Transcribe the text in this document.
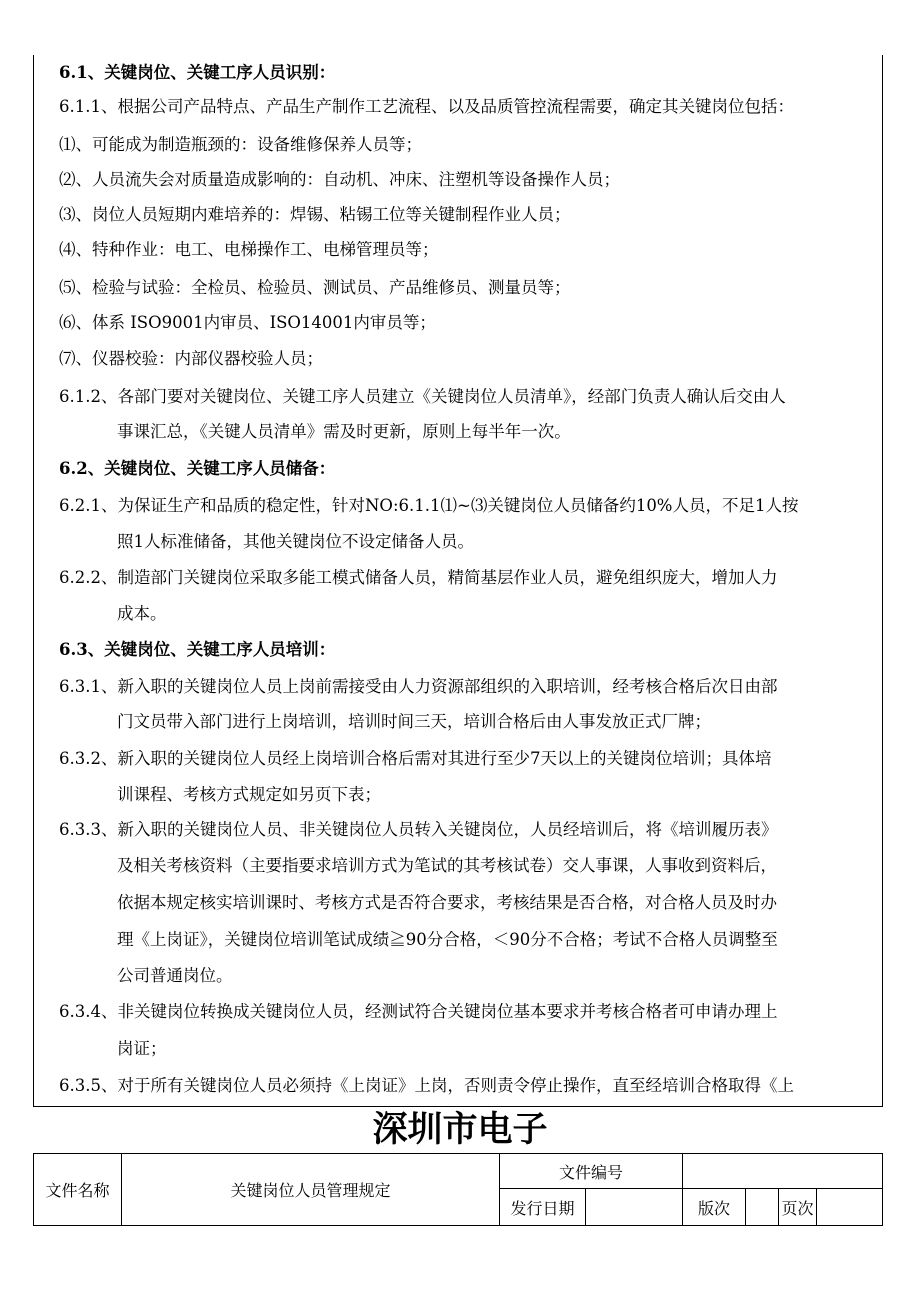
6.1、关键岗位、关键工序人员识别：
6.1.1、根据公司产品特点、产品生产制作工艺流程、以及品质管控流程需要，确定其关键岗位包括：
⑴、可能成为制造瓶颈的：设备维修保养人员等；
⑵、人员流失会对质量造成影响的：自动机、冲床、注塑机等设备操作人员；
⑶、岗位人员短期内难培养的：焊锡、粘锡工位等关键制程作业人员；
⑷、特种作业：电工、电梯操作工、电梯管理员等；
⑸、检验与试验：全检员、检验员、测试员、产品维修员、测量员等；
⑹、体系 ISO9001内审员、ISO14001内审员等；
⑺、仪器校验：内部仪器校验人员；
6.1.2、各部门要对关键岗位、关键工序人员建立《关键岗位人员清单》，经部门负责人确认后交由人
事课汇总，《关键人员清单》需及时更新，原则上每半年一次。
6.2、关键岗位、关键工序人员储备：
6.2.1、为保证生产和品质的稳定性，针对NO:6.1.1⑴~⑶关键岗位人员储备约10%人员，不足1人按
照1人标准储备，其他关键岗位不设定储备人员。
6.2.2、制造部门关键岗位采取多能工模式储备人员，精简基层作业人员，避免组织庞大，增加人力
成本。
6.3、关键岗位、关键工序人员培训：
6.3.1、新入职的关键岗位人员上岗前需接受由人力资源部组织的入职培训，经考核合格后次日由部
门文员带入部门进行上岗培训，培训时间三天，培训合格后由人事发放正式厂牌；
6.3.2、新入职的关键岗位人员经上岗培训合格后需对其进行至少7天以上的关键岗位培训；具体培
训课程、考核方式规定如另页下表；
6.3.3、新入职的关键岗位人员、非关键岗位人员转入关键岗位，人员经培训后，将《培训履历表》
及相关考核资料（主要指要求培训方式为笔试的其考核试卷）交人事课，人事收到资料后，
依据本规定核实培训课时、考核方式是否符合要求，考核结果是否合格，对合格人员及时办
理《上岗证》，关键岗位培训笔试成绩≧90分合格，＜90分不合格；考试不合格人员调整至
公司普通岗位。
6.3.4、非关键岗位转换成关键岗位人员，经测试符合关键岗位基本要求并考核合格者可申请办理上
岗证；
6.3.5、对于所有关键岗位人员必须持《上岗证》上岗，否则责令停止操作，直至经培训合格取得《上
深圳市电子
文件名称	关键岗位人员管理规定	文件编号					
		发行日期		版次		页次	
